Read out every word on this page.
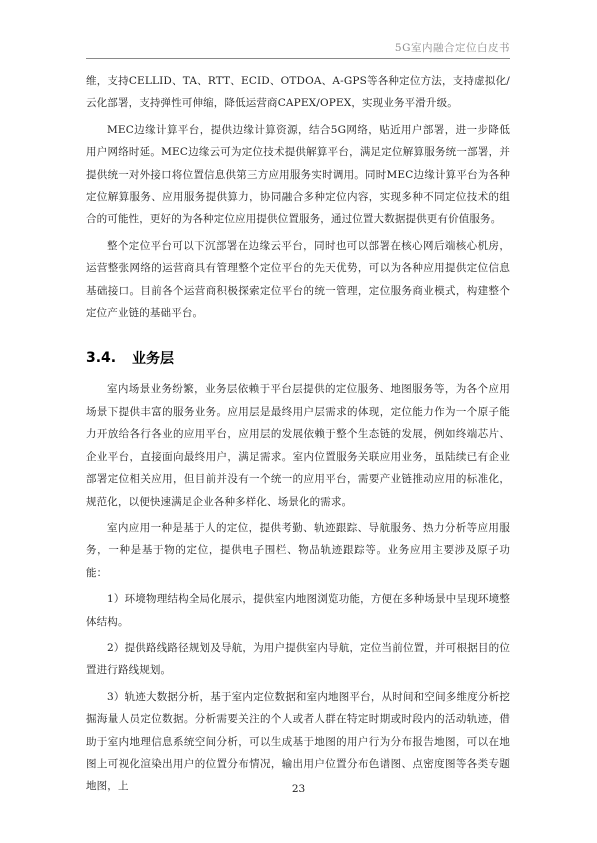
5G室内融合定位白皮书

维，支持CELLID、TA、RTT、ECID、OTDOA、A-GPS等各种定位方法，支持虚拟化/云化部署，支持弹性可伸缩，降低运营商CAPEX/OPEX，实现业务平滑升级。

MEC边缘计算平台，提供边缘计算资源，结合5G网络，贴近用户部署，进一步降低用户网络时延。MEC边缘云可为定位技术提供解算平台，满足定位解算服务统一部署，并提供统一对外接口将位置信息供第三方应用服务实时调用。同时MEC边缘计算平台为各种定位解算服务、应用服务提供算力，协同融合多种定位内容，实现多种不同定位技术的组合的可能性，更好的为各种定位应用提供位置服务，通过位置大数据提供更有价值服务。

整个定位平台可以下沉部署在边缘云平台，同时也可以部署在核心网后端核心机房，运营整张网络的运营商具有管理整个定位平台的先天优势，可以为各种应用提供定位信息基础接口。目前各个运营商积极探索定位平台的统一管理，定位服务商业模式，构建整个定位产业链的基础平台。

3.4.	业务层

室内场景业务纷繁，业务层依赖于平台层提供的定位服务、地图服务等，为各个应用场景下提供丰富的服务业务。应用层是最终用户层需求的体现，定位能力作为一个原子能力开放给各行各业的应用平台，应用层的发展依赖于整个生态链的发展，例如终端芯片、企业平台，直接面向最终用户，满足需求。室内位置服务关联应用业务，虽陆续已有企业部署定位相关应用，但目前并没有一个统一的应用平台，需要产业链推动应用的标准化，规范化，以便快速满足企业各种多样化、场景化的需求。

室内应用一种是基于人的定位，提供考勤、轨迹跟踪、导航服务、热力分析等应用服务，一种是基于物的定位，提供电子围栏、物品轨迹跟踪等。业务应用主要涉及原子功能：

1）环境物理结构全局化展示，提供室内地图浏览功能，方便在多种场景中呈现环境整体结构。

2）提供路线路径规划及导航，为用户提供室内导航，定位当前位置，并可根据目的位置进行路线规划。

3）轨迹大数据分析，基于室内定位数据和室内地图平台，从时间和空间多维度分析挖掘海量人员定位数据。分析需要关注的个人或者人群在特定时期或时段内的活动轨迹，借助于室内地理信息系统空间分析，可以生成基于地图的用户行为分布报告地图，可以在地图上可视化渲染出用户的位置分布情况，输出用户位置分布色谱图、点密度图等各类专题地图，上	23
